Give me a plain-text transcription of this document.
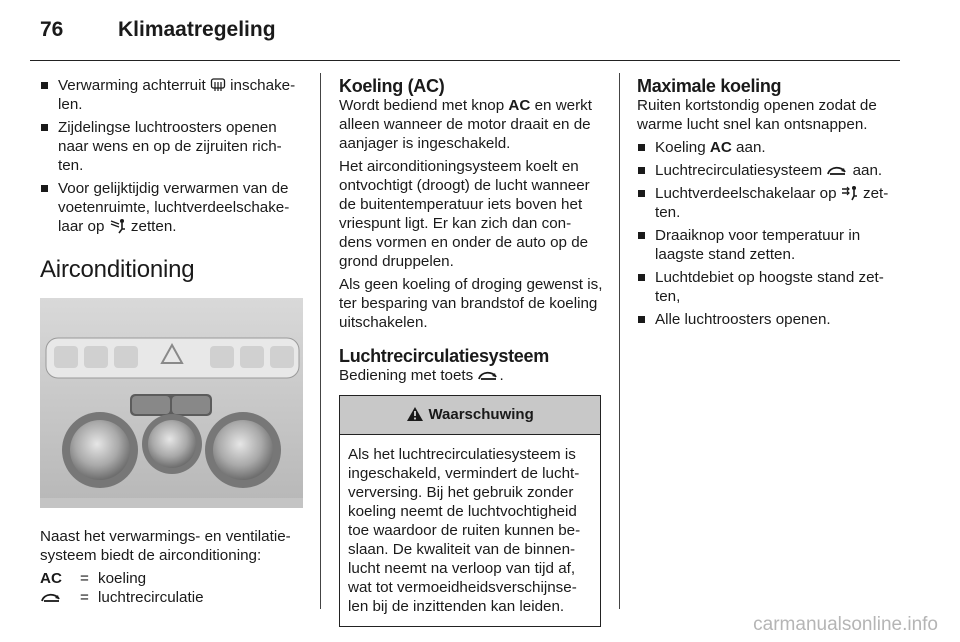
76	Klimaatregeling
Verwarming achterruit  inschake-len.
Zijdelingse luchtroosters openen naar wens en op de zijruiten rich-ten.
Voor gelijktijdig verwarmen van de voetenruimte, luchtverdeelschake-laar op  zetten.
Airconditioning

Naast het verwarmings- en ventilatie-systeem biedt de airconditioning:

AC	= koeling
= luchtrecirculatie
Koeling (AC)

Wordt bediend met knop AC en werkt alleen wanneer de motor draait en de aanjager is ingeschakeld.

Het airconditioningsysteem koelt en ontvochtigt (droogt) de lucht wanneer de buitentemperatuur iets boven het vriespunt ligt. Er kan zich dan con-dens vormen en onder de auto op de grond druppelen.

Als geen koeling of droging gewenst is, ter besparing van brandstof de koeling uitschakelen.

Luchtrecirculatiesysteem

Bediening met toets .

Waarschuwing
Als het luchtrecirculatiesysteem is ingeschakeld, vermindert de lucht-verversing. Bij het gebruik zonder koeling neemt de luchtvochtigheid toe waardoor de ruiten kunnen be-slaan. De kwaliteit van de binnen-lucht neemt na verloop van tijd af, wat tot vermoeidheidsverschijnse-len bij de inzittenden kan leiden.
Maximale koeling

Ruiten kortstondig openen zodat de warme lucht snel kan ontsnappen.

Koeling AC aan.
Luchtrecirculatiesysteem  aan.
Luchtverdeelschakelaar op  zet-ten.
Draaiknop voor temperatuur in laagste stand zetten.
Luchtdebiet op hoogste stand zet-ten,
Alle luchtroosters openen.
carmanualsonline.info
